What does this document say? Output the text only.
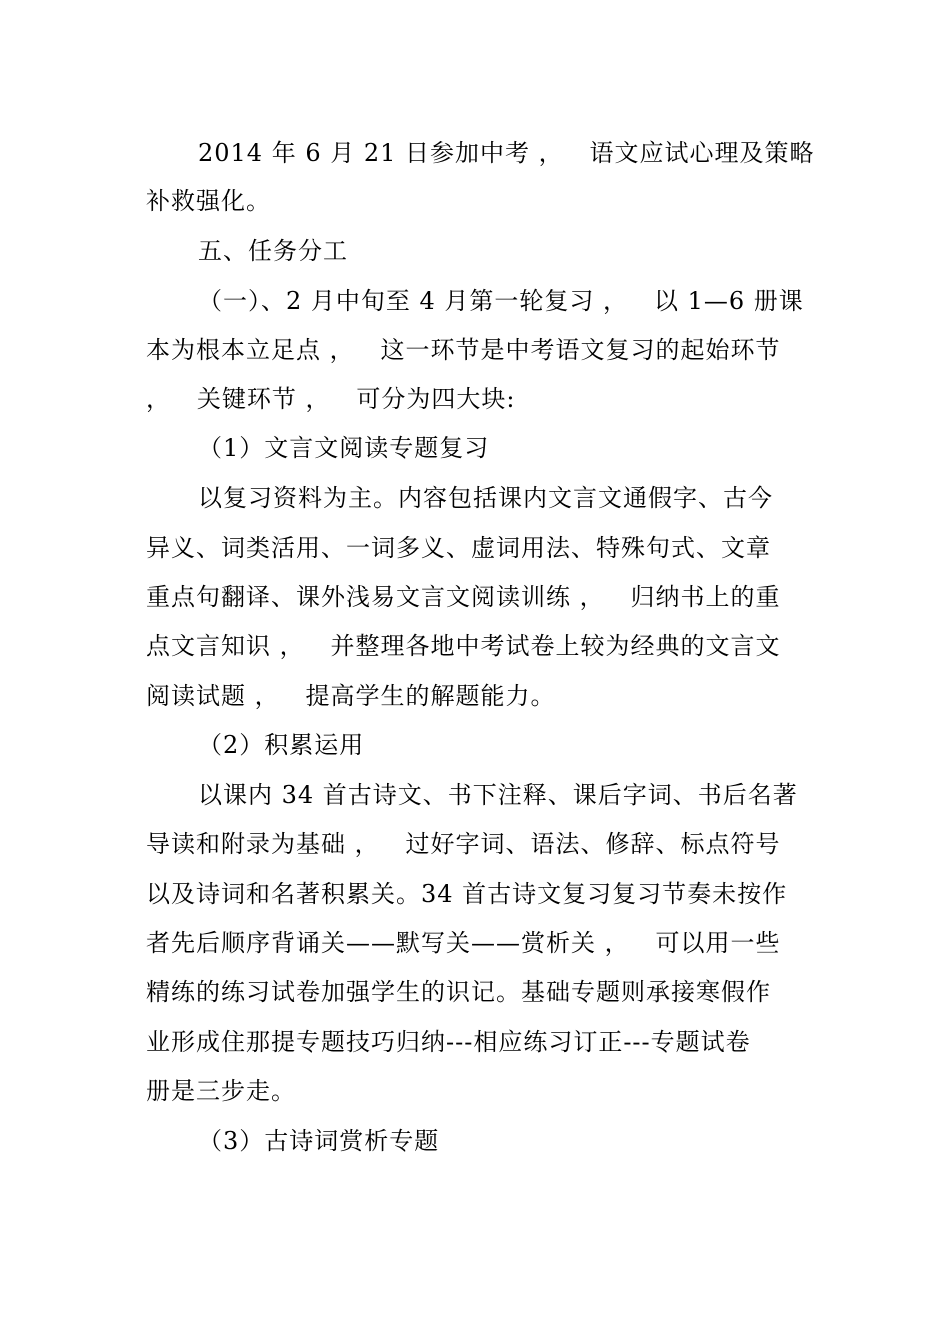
2014 年 6 月 21 日参加中考 ，   语文应试心理及策略
补救强化。
五、任务分工
（一）、2 月中旬至 4 月第一轮复习 ，   以 1—6 册课
本为根本立足点 ，   这一环节是中考语文复习的起始环节
，   关键环节 ，   可分为四大块:
（1）文言文阅读专题复习
以复习资料为主。内容包括课内文言文通假字、古今
异义、词类活用、一词多义、虚词用法、特殊句式、文章
重点句翻译、课外浅易文言文阅读训练 ，   归纳书上的重
点文言知识 ，   并整理各地中考试卷上较为经典的文言文
阅读试题 ，   提高学生的解题能力。
（2）积累运用
以课内 34 首古诗文、书下注释、课后字词、书后名著
导读和附录为基础 ，   过好字词、语法、修辞、标点符号
以及诗词和名著积累关。34 首古诗文复习复习节奏未按作
者先后顺序背诵关——默写关——赏析关 ，   可以用一些
精练的练习试卷加强学生的识记。基础专题则承接寒假作
业形成住那提专题技巧归纳---相应练习订正---专题试卷
册是三步走。
（3）古诗词赏析专题
